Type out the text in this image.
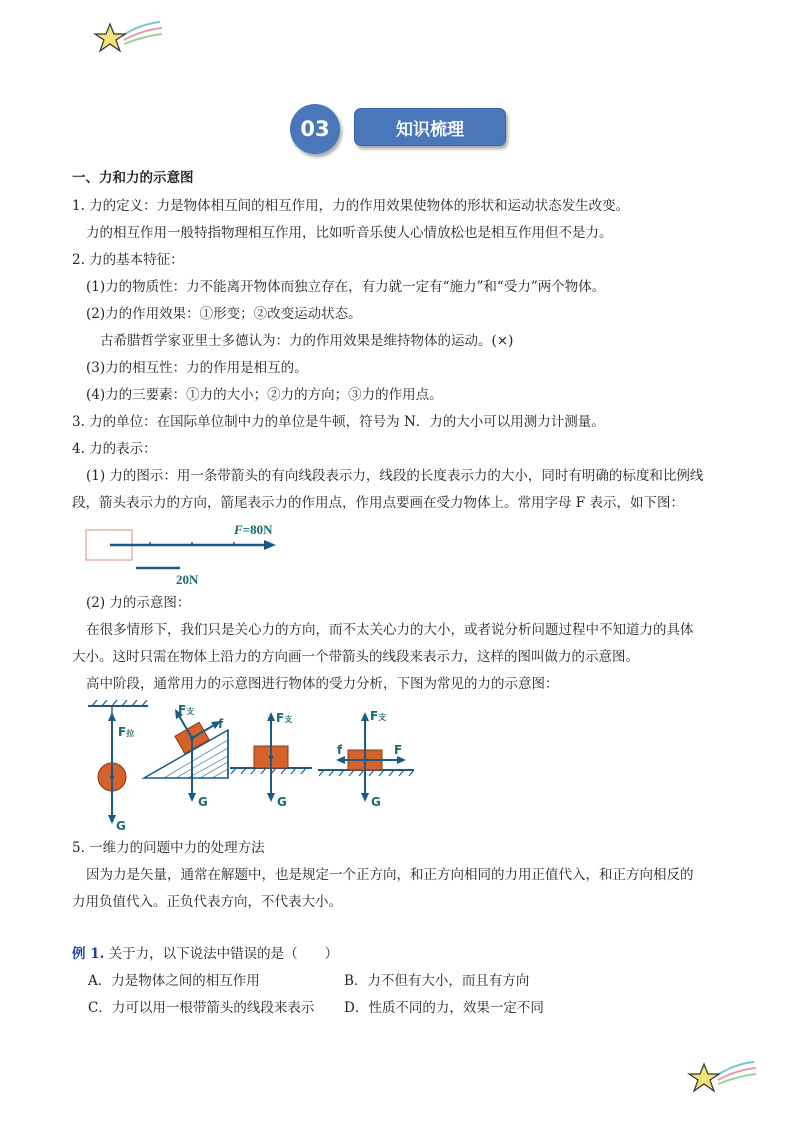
03	知识梳理
一、力和力的示意图
1. 力的定义：力是物体相互间的相互作用，力的作用效果使物体的形状和运动状态发生改变。
力的相互作用一般特指物理相互作用，比如听音乐使人心情放松也是相互作用但不是力。
2. 力的基本特征：
(1)力的物质性：力不能离开物体而独立存在，有力就一定有“施力”和“受力”两个物体。
(2)力的作用效果：①形变；②改变运动状态。
古希腊哲学家亚里士多德认为：力的作用效果是维持物体的运动。(×)
(3)力的相互性：力的作用是相互的。
(4)力的三要素：①力的大小；②力的方向；③力的作用点。
3. 力的单位：在国际单位制中力的单位是牛顿，符号为 N．力的大小可以用测力计测量。
4. 力的表示：
(1) 力的图示：用一条带箭头的有向线段表示力，线段的长度表示力的大小，同时有明确的标度和比例线
段，箭头表示力的方向，箭尾表示力的作用点，作用点要画在受力物体上。常用字母 F 表示，如下图：
F=80N
20N
(2) 力的示意图：
在很多情形下，我们只是关心力的方向，而不太关心力的大小，或者说分析问题过程中不知道力的具体
大小。这时只需在物体上沿力的方向画一个带箭头的线段来表示力，这样的图叫做力的示意图。
高中阶段，通常用力的示意图进行物体的受力分析，下图为常见的力的示意图：
F拉
G
F支
f
G
F支
G
F支
f	F
G
5. 一维力的问题中力的处理方法
因为力是矢量，通常在解题中，也是规定一个正方向，和正方向相同的力用正值代入，和正方向相反的
力用负值代入。正负代表方向，不代表大小。
例 1. 关于力，以下说法中错误的是（　　）
A．力是物体之间的相互作用	B．力不但有大小，而且有方向
C．力可以用一根带箭头的线段来表示 D．性质不同的力，效果一定不同
